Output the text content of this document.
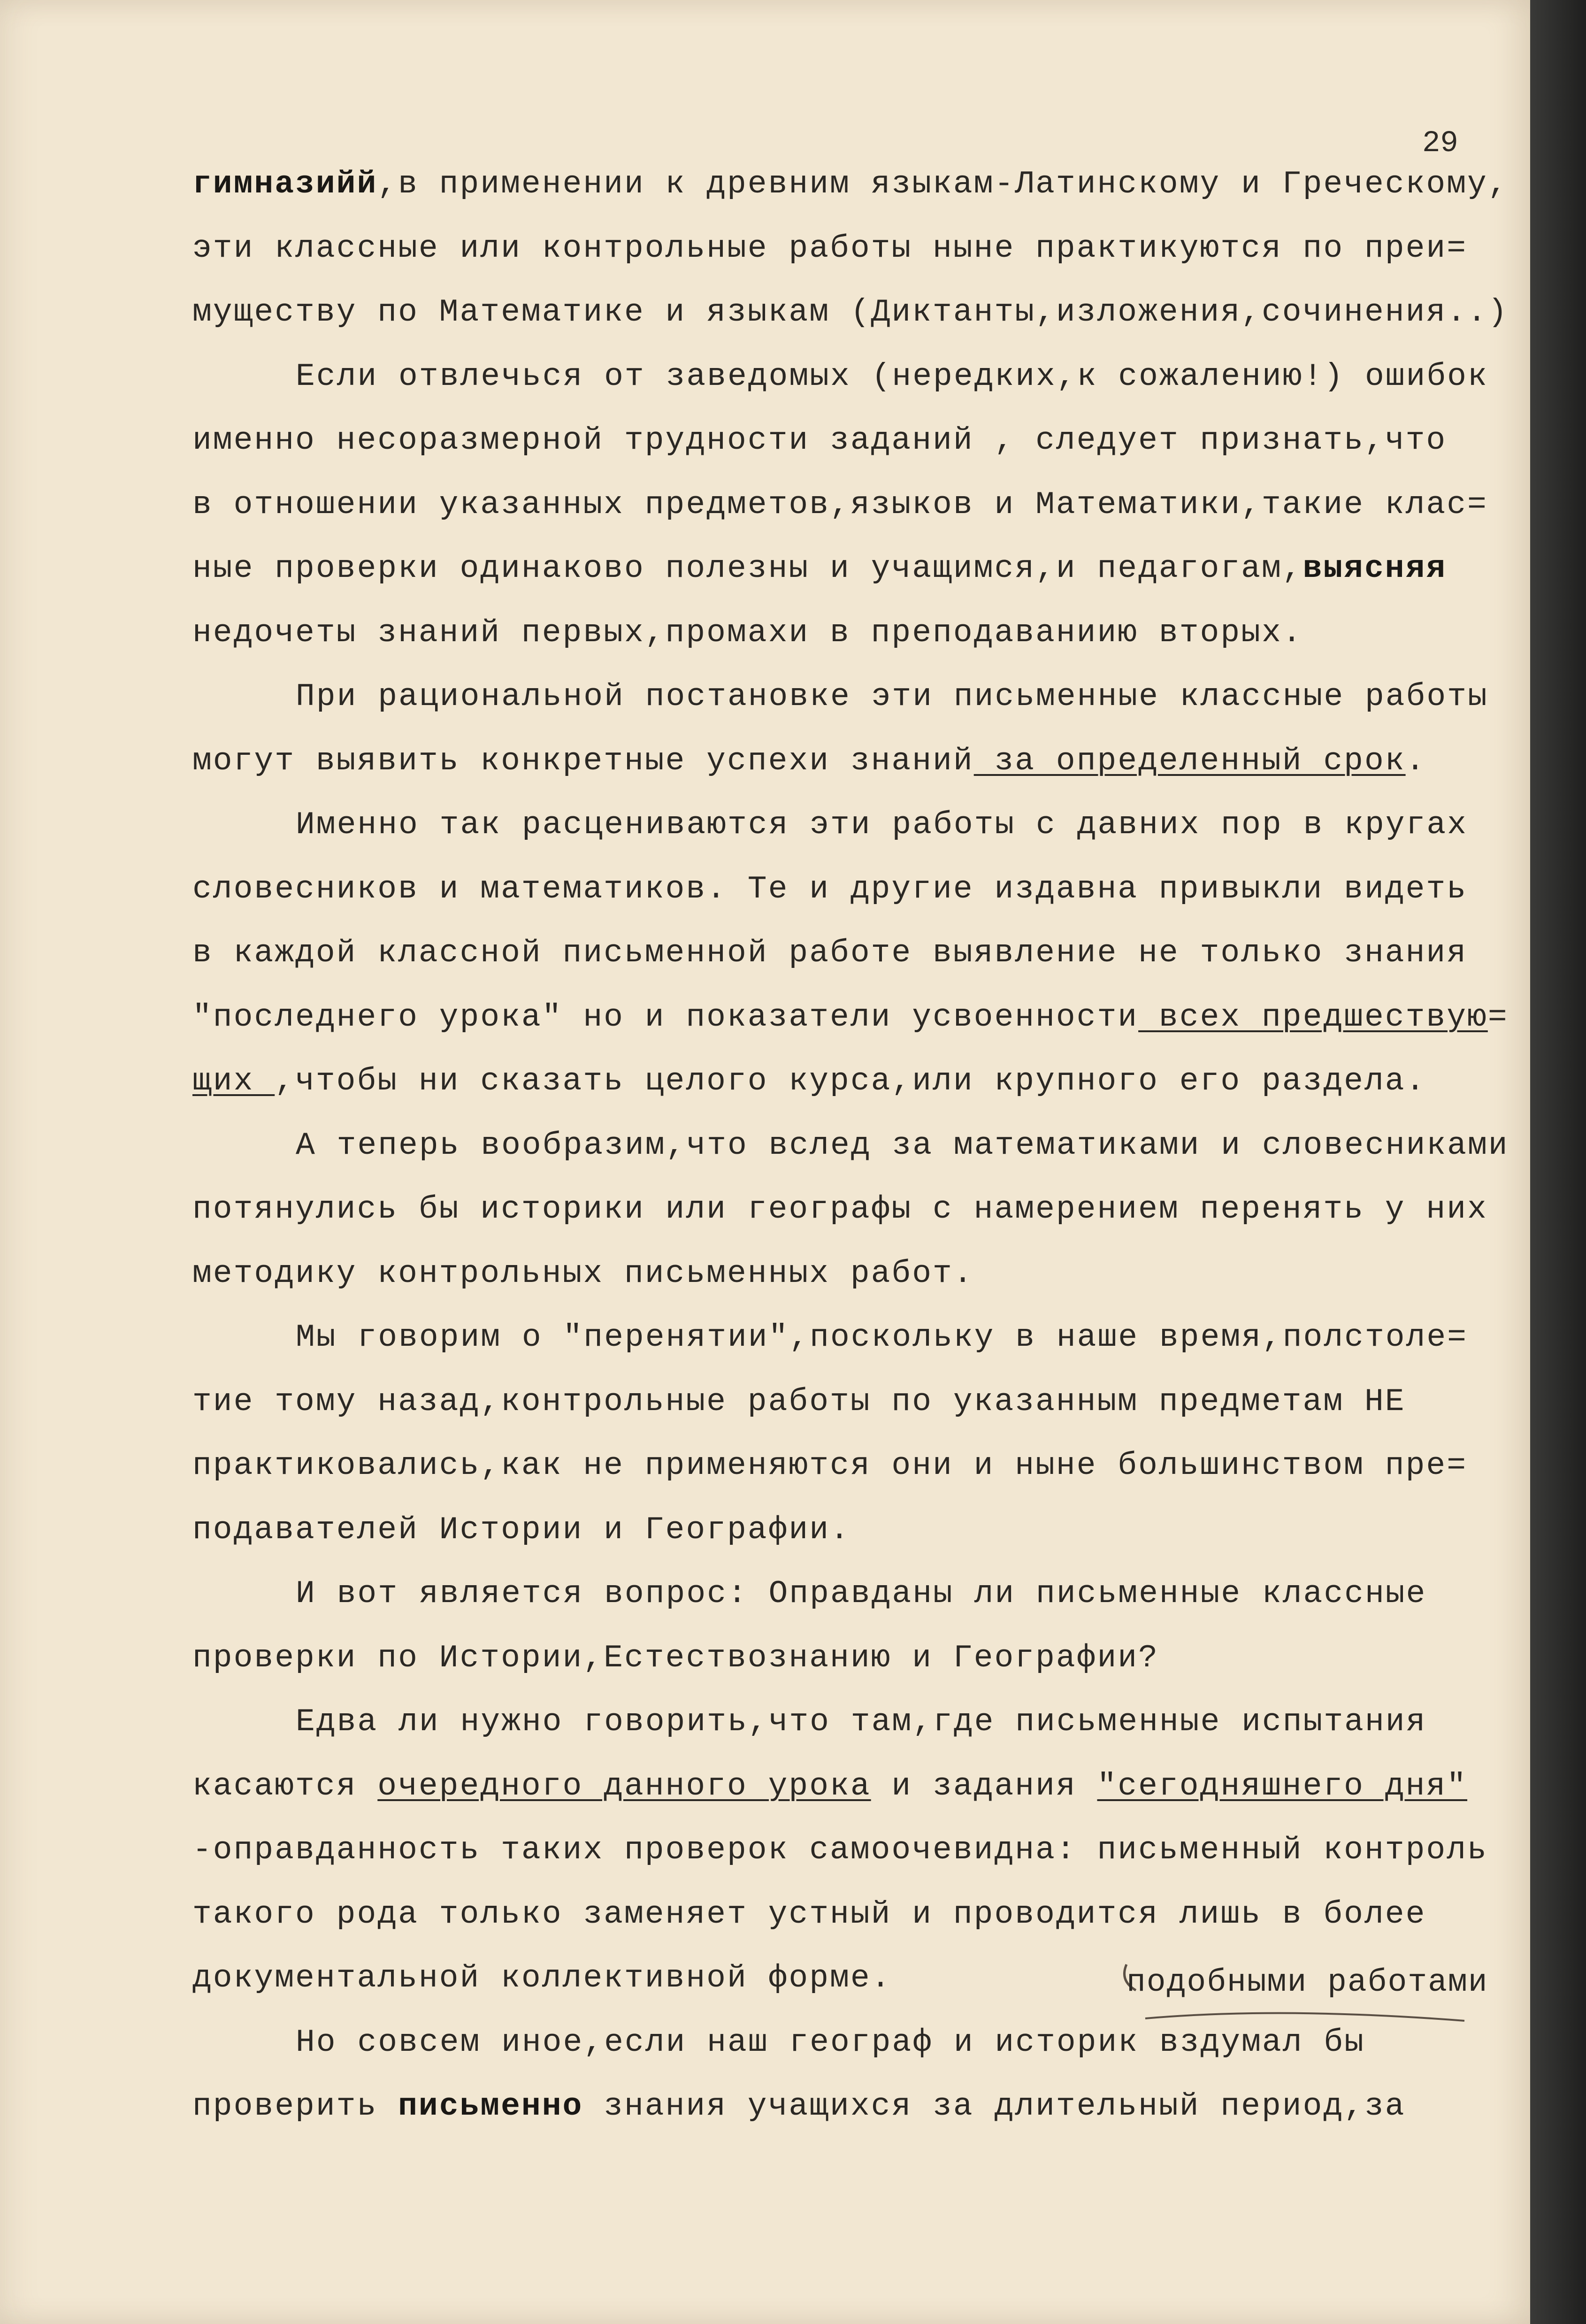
29
гимназийй,в применении к древним языкам-Латинскому и Греческому,
эти классные или контрольные работы ныне практикуются по преи=
муществу по Математике и языкам (Диктанты,изложения,сочинения..)
Если отвлечься от заведомых (нередких,к сожалению!) ошибок
именно несоразмерной трудности заданий , следует признать,что
в отношении указанных предметов,языков и Математики,такие клас=
ные проверки одинаково полезны и учащимся,и педагогам,выясняя
недочеты знаний первых,промахи в преподаваниию вторых.
При рациональной постановке эти письменные классные работы
могут выявить конкретные успехи знаний за определенный срок.
Именно так расцениваются эти работы с давних пор в кругах
словесников и математиков. Те и другие издавна привыкли видеть
в каждой классной письменной работе выявление не только знания
"последнего урока" но и показатели усвоенности всех предшествую=
щих ,чтобы ни сказать целого курса,или крупного его раздела.
А теперь вообразим,что вслед за математиками и словесниками
потянулись бы историки или географы с намерением перенять у них
методику контрольных письменных работ.
Мы говорим о "перенятии",поскольку в наше время,полстоле=
тие тому назад,контрольные работы по указанным предметам НЕ
практиковались,как не применяются они и ныне большинством пре=
подавателей Истории и Географии.
И вот является вопрос: Оправданы ли письменные классные
проверки по Истории,Естествознанию и Географии?
Едва ли нужно говорить,что там,где письменные испытания
касаются очередного данного урока и задания "сегодняшнего дня"
-оправданность таких проверок самоочевидна: письменный контроль
такого рода только заменяет устный и проводится лишь в более
документальной коллективной форме.
Но совсем иное,если наш географ и историк вздумал бы
проверить письменно знания учащихся за длительный период,за
подобными работами
